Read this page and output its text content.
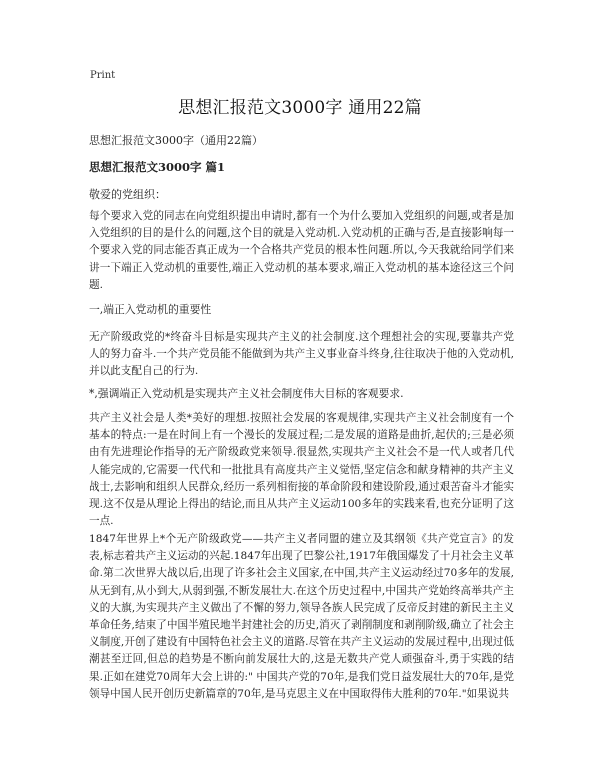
Print
思想汇报范文3000字 通用22篇
思想汇报范文3000字（通用22篇）
思想汇报范文3000字 篇1
敬爱的党组织：
每个要求入党的同志在向党组织提出申请时,都有一个为什么要加入党组织的问题,或者是加入党组织的目的是什么的问题,这个目的就是入党动机.入党动机的正确与否,是直接影响每一个要求入党的同志能否真正成为一个合格共产党员的根本性问题.所以,今天我就给同学们来讲一下端正入党动机的重要性,端正入党动机的基本要求,端正入党动机的基本途径这三个问题.
一,端正入党动机的重要性
无产阶级政党的*终奋斗目标是实现共产主义的社会制度.这个理想社会的实现,要靠共产党人的努力奋斗.一个共产党员能不能做到为共产主义事业奋斗终身,往往取决于他的入党动机,并以此支配自己的行为.
*,强调端正入党动机是实现共产主义社会制度伟大目标的客观要求.
共产主义社会是人类*美好的理想.按照社会发展的客观规律,实现共产主义社会制度有一个基本的特点:一是在时间上有一个漫长的发展过程;二是发展的道路是曲折,起伏的;三是必须由有先进理论作指导的无产阶级政党来领导.很显然,实现共产主义社会不是一代人或者几代人能完成的,它需要一代代和一批批具有高度共产主义觉悟,坚定信念和献身精神的共产主义战士,去影响和组织人民群众,经历一系列相衔接的革命阶段和建设阶段,通过艰苦奋斗才能实现.这不仅是从理论上得出的结论,而且从共产主义运动100多年的实践来看,也充分证明了这一点.
1847年世界上*个无产阶级政党——共产主义者同盟的建立及其纲领《共产党宣言》的发表,标志着共产主义运动的兴起.1847年出现了巴黎公社,1917年俄国爆发了十月社会主义革命.第二次世界大战以后,出现了许多社会主义国家,在中国,共产主义运动经过70多年的发展,从无到有,从小到大,从弱到强,不断发展壮大.在这个历史过程中,中国共产党始终高举共产主义的大旗,为实现共产主义做出了不懈的努力,领导各族人民完成了反帝反封建的新民主主义革命任务,结束了中国半殖民地半封建社会的历史,消灭了剥削制度和剥削阶级,确立了社会主义制度,开创了建设有中国特色社会主义的道路.尽管在共产主义运动的发展过程中,出现过低潮甚至迂回,但总的趋势是不断向前发展壮大的,这是无数共产党人顽强奋斗,勇于实践的结果.正如在建党70周年大会上讲的:" 中国共产党的70年,是我们党日益发展壮大的70年,是党领导中国人民开创历史新篇章的70年,是马克思主义在中国取得伟大胜利的70年."如果说共
